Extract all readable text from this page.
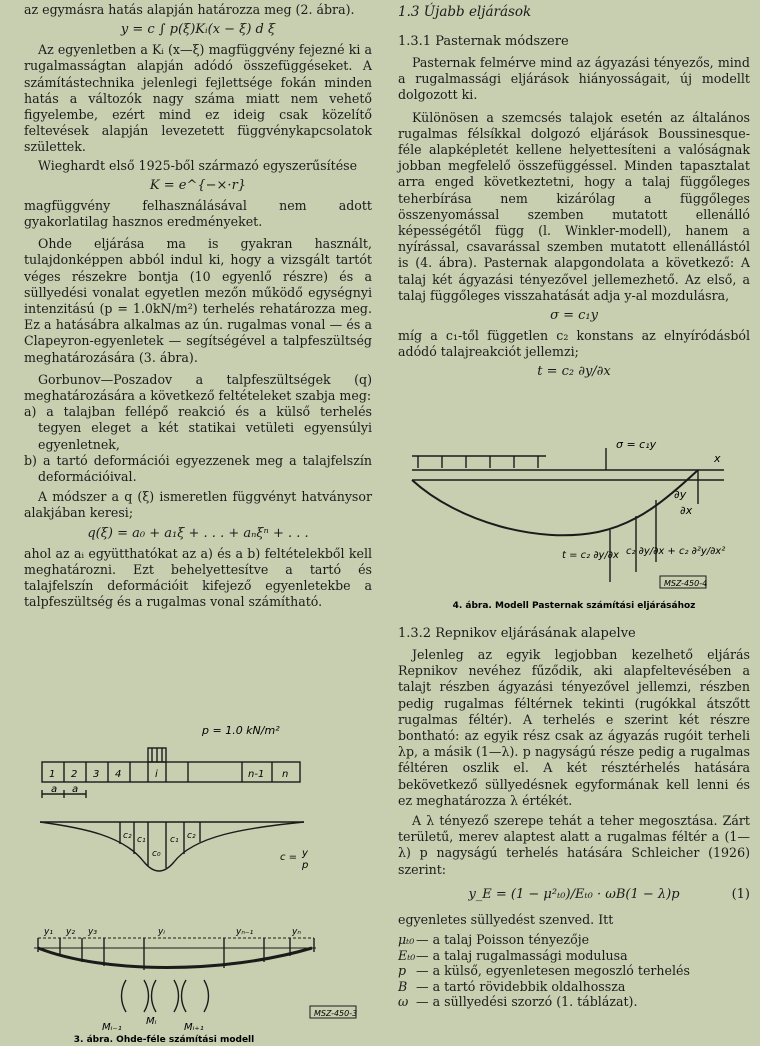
az egymásra hatás alapján határozza meg (2. ábra).

y = c ∫ p(ξ)Kᵢ(x − ξ) d ξ

Az egyenletben a Kᵢ (x—ξ) magfüggvény fejezné ki a rugalmasságtan alapján adódó összefüggéseket. A számítástechnika jelenlegi fejlettsége fokán minden hatás a változók nagy száma miatt nem vehető figyelembe, ezért mind ez ideig csak közelítő feltevések alapján levezetett függvénykapcsolatok születtek.

Wieghardt első 1925-ből származó egyszerűsítése

K = e^{−×·r}

magfüggvény felhasználásával nem adott gyakorlatilag hasznos eredményeket.

Ohde eljárása ma is gyakran használt, tulajdonképpen abból indul ki, hogy a vizsgált tartót véges részekre bontja (10 egyenlő részre) és a süllyedési vonalat egyetlen mezőn működő egységnyi intenzitású (p = 1.0kN/m²) terhelés rehatározza meg. Ez a hatásábra alkalmas az ún. rugalmas vonal — és a Clapeyron-egyenletek — segítségével a talpfeszültség meghatározására (3. ábra).

Gorbunov—Poszadov a talpfeszültségek (q) meghatározására a következő feltételeket szabja meg:

a) a talajban fellépő reakció és a külső terhelés tegyen eleget a két statikai vetületi egyensúlyi egyenletnek,

b) a tartó deformációi egyezzenek meg a talajfelszín deformációival.

A módszer a q (ξ) ismeretlen függvényt hatványsor alakjában keresi;

q(ξ) = a₀ + a₁ξ + . . . + aₙξⁿ + . . .

ahol az aᵢ együtthatókat az a) és a b) feltételekből kell meghatározni. Ezt behelyettesítve a tartó és talajfelszín deformációit kifejező egyenletekbe a talpfeszültség és a rugalmas vonal számítható.

p = 1.0 kN/m²
1 2 3 4	i	n-1 n
a a
c₂ c₁
c₀
c₁ c₂
c = y
p
y₁ y₂ y₃	yᵢ	yₙ₋₁	yₙ
Mᵢ₋₁
Mᵢ
Mᵢ₊₁
MSZ-450-3
3. ábra. Ohde-féle számítási modell
1.3 Újabb eljárások
1.3.1 Pasternak módszere

Pasternak felmérve mind az ágyazási tényezős, mind a rugalmassági eljárások hiányosságait, új modellt dolgozott ki.

Különösen a szemcsés talajok esetén az általános rugalmas félsíkkal dolgozó eljárások Boussinesque-féle alapképletét kellene helyettesíteni a valóságnak jobban megfelelő összefüggéssel. Minden tapasztalat arra enged következtetni, hogy a talaj függőleges teherbírása nem kizárólag a függőleges összenyomással szemben mutatott ellenálló képességétől függ (l. Winkler-modell), hanem a nyírással, csavarással szemben mutatott ellenállástól is (4. ábra). Pasternak alapgondolata a következő: A talaj két ágyazási tényezővel jellemezhető. Az első, a talaj függőleges visszahatását adja y-al mozdulásra,

σ = c₁y

míg a c₁-től független c₂ konstans az elnyíródásból adódó talajreakciót jellemzi;

t = c₂ ∂y/∂x
σ = c₁y
x
∂y
∂x
t = c₂ ∂y/∂x c₂ ∂y/∂x + c₂ ∂²y/∂x²
MSZ-450-4
4. ábra. Modell Pasternak számítási eljárásához
1.3.2 Repnikov eljárásának alapelve

Jelenleg az egyik legjobban kezelhető eljárás Repnikov nevéhez fűződik, aki alapfeltevésében a talajt részben ágyazási tényezővel jellemzi, részben pedig rugalmas féltérnek tekinti (rugókkal átszőtt rugalmas féltér). A terhelés e szerint két részre bontható: az egyik rész csak az ágyazás rugóit terheli λp, a másik (1—λ). p nagyságú része pedig a rugalmas féltéren oszlik el. A két résztérhelés hatására bekövetkező süllyedésnek egyformának kell lenni és ez meghatározza λ értékét.

A λ tényező szerepe tehát a teher megosztása. Zárt területű, merev alaptest alatt a rugalmas féltér a (1—λ) p nagyságú terhelés hatására Schleicher (1926) szerint:

y_E = (1 − μ²ₜ₀)/Eₜ₀ · ωB(1 − λ)p	(1)

egyenletes süllyedést szenved. Itt

μₜ₀ — a talaj Poisson tényezője
Eₜ₀ — a talaj rugalmassági modulusa
p — a külső, egyenletesen megoszló terhelés
B — a tartó rövidebbik oldalhossza
ω — a süllyedési szorzó (1. táblázat).
